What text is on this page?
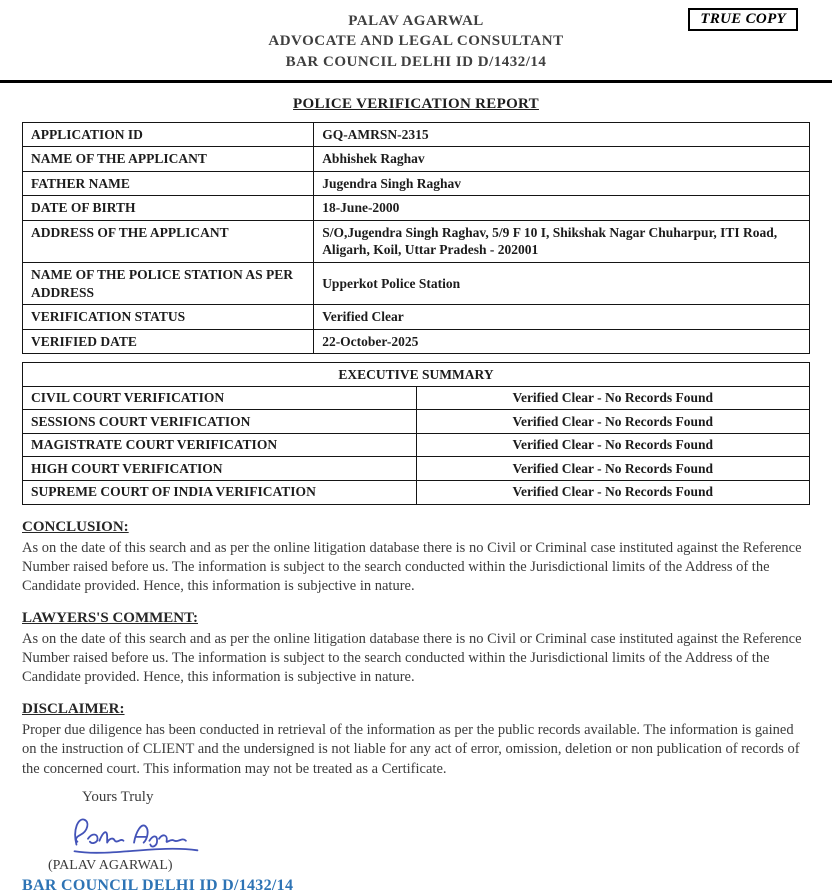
TRUE COPY
PALAV AGARWAL
ADVOCATE AND LEGAL CONSULTANT
BAR COUNCIL DELHI ID D/1432/14
POLICE VERIFICATION REPORT
APPLICATION ID	GQ-AMRSN-2315
NAME OF THE APPLICANT	Abhishek Raghav
FATHER NAME	Jugendra Singh Raghav
DATE OF BIRTH	18-June-2000
ADDRESS OF THE APPLICANT	S/O,Jugendra Singh Raghav, 5/9 F 10 I, Shikshak Nagar Chuharpur, ITI Road, Aligarh, Koil, Uttar Pradesh - 202001
NAME OF THE POLICE STATION AS PER ADDRESS	Upperkot Police Station
VERIFICATION STATUS	Verified Clear
VERIFIED DATE	22-October-2025
EXECUTIVE SUMMARY	
CIVIL COURT VERIFICATION	Verified Clear - No Records Found
SESSIONS COURT VERIFICATION	Verified Clear - No Records Found
MAGISTRATE COURT VERIFICATION	Verified Clear - No Records Found
HIGH COURT VERIFICATION	Verified Clear - No Records Found
SUPREME COURT OF INDIA VERIFICATION	Verified Clear - No Records Found
CONCLUSION:
As on the date of this search and as per the online litigation database there is no Civil or Criminal case instituted against the Reference Number raised before us. The information is subject to the search conducted within the Jurisdictional limits of the Address of the Candidate provided. Hence, this information is subjective in nature.
LAWYERS'S COMMENT:
As on the date of this search and as per the online litigation database there is no Civil or Criminal case instituted against the Reference Number raised before us. The information is subject to the search conducted within the Jurisdictional limits of the Address of the Candidate provided. Hence, this information is subjective in nature.
DISCLAIMER:
Proper due diligence has been conducted in retrieval of the information as per the public records available. The information is gained on the instruction of CLIENT and the undersigned is not liable for any act of error, omission, deletion or non publication of records of the concerned court. This information may not be treated as a Certificate.
Yours Truly
(PALAV AGARWAL)
BAR COUNCIL DELHI ID D/1432/14
